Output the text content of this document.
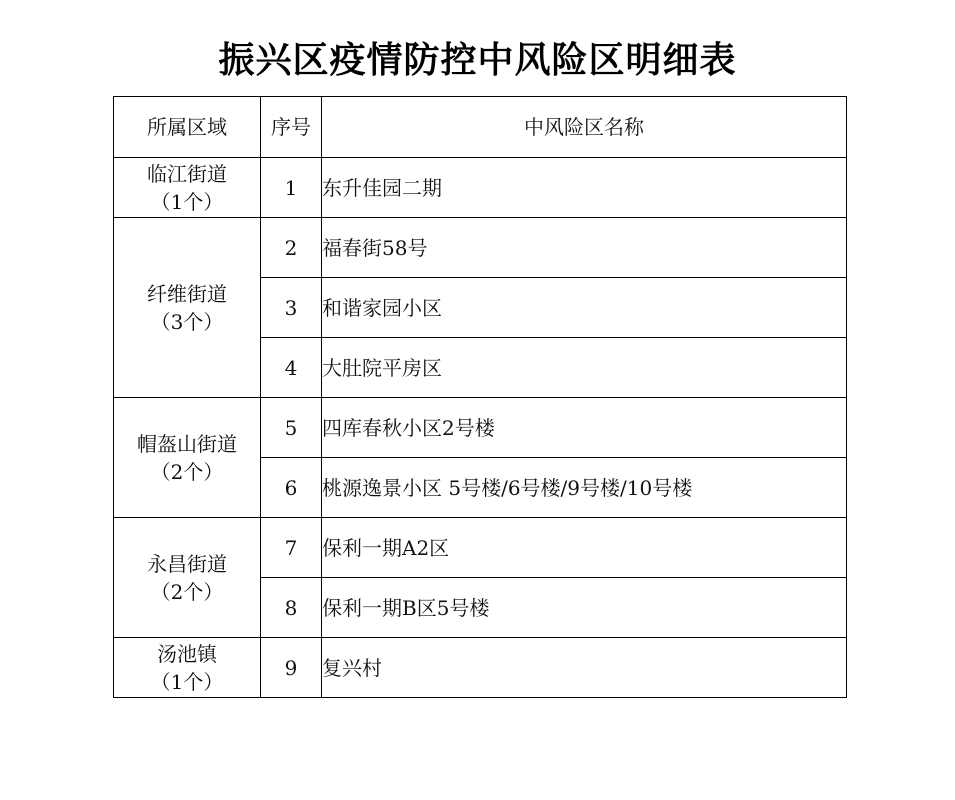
振兴区疫情防控中风险区明细表
所属区域	序号	中风险区名称

临江街道
（1个）	1	东升佳园二期

纤维街道
（3个）	2	福春街58号
	3	和谐家园小区
	4	大肚院平房区

帽盔山街道
（2个）	5	四库春秋小区2号楼
	6	桃源逸景小区 5号楼/6号楼/9号楼/10号楼

永昌街道
（2个）	7	保利一期A2区
	8	保利一期B区5号楼

汤池镇
（1个）	9	复兴村
